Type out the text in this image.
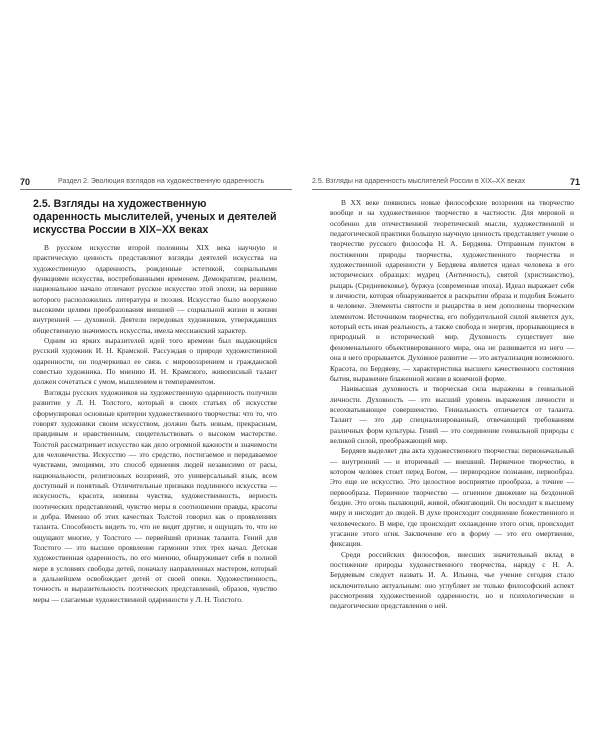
70	Раздел 2. Эволюция взглядов на художественную одаренность	2.5. Взгляды на одаренность мыслителей России в XIX–XX веках	71
2.5. Взгляды на художественную одаренность мыслителей, ученых и деятелей искусства России в XIX–XX веках

В русском искусстве второй половины XIX века научную и практическую ценность представляют взгляды деятелей искусства на художественную одаренность, рожденные эстетикой, социальными функциями искусства, востребованными временем. Демократизм, реализм, национальное начало отличают русское искусство этой эпохи, на вершине которого расположились литература и поэзия. Искусство было вооружено высокими целями преобразования внешней — социальной жизни и жизни внутренней — духовной. Деятели передовых художников, утверждавших общественную значимость искусства, имела мессианский характер.

Одним из ярких выразителей идей того времени был выдающийся русский художник И. Н. Крамской. Рассуждая о природе художественной одаренности, он подчеркивал ее связь с мировоззрением и гражданской совестью художника. По мнению И. Н. Крамского, живописный талант должен сочетаться с умом, мышлением и темпераментом.

Взгляды русских художников на художественную одаренность получили развитие у Л. Н. Толстого, который в своих статьях об искусстве сформулировал основные критерии художественного творчества: что то, что говорят художники своим искусством, должно быть новым, прекрасным, правдивым и нравственным, свидетельствовать о высоком мастерстве. Толстой рассматривает искусство как дело огромной важности и значимости для человечества. Искусство — это средство, постигаемое и передаваемое чувствами, эмоциями, это способ единения людей независимо от расы, национальности, религиозных воззрений, это универсальный язык, всем доступный и понятный. Отличительные признаки подлинного искусства — искусность, красота, новизна чувства, художественность, верность поэтических представлений, чувство меры в соотношении правды, красоты и добра. Именно об этих качествах Толстой говорил как о проявлениях таланта. Способность видеть то, что не видят другие, и ощущать то, что не ощущают многие, у Толстого — первейший признак таланта. Гений для Толстого — это высшее проявление гармонии этих трех начал. Детская художественная одаренность, по его мнению, обнаруживает себя в полной мере в условиях свободы детей, поначалу направленных мастером, который в дальнейшем освобождает детей от своей опеки. Художественность, точность и выразительность поэтических представлений, образов, чувство меры — слагаемые художественной одаренности у Л. Н. Толстого.

В XX веке появились новые философские воззрения на творчество вообще и на художественное творчество в частности. Для мировой и особенно для отечественной теоретической мысли, художественной и педагогической практики большую научную ценность представляет учение о творчестве русского философа Н. А. Бердяева. Отправным пунктом в постижении природы творчества, художественного творчества и художественной одаренности у Бердяева является идеал человека в его исторических образцах: мудрец (Античность), святой (христианство), рыцарь (Средневековье), буржуа (современная эпоха). Идеал выражает себя в личности, которая обнаруживается в раскрытии образа и подобия Божьего в человеке. Элементы святости и рыцарства в нем дополнены творческим элементом. Источником творчества, его побудительной силой является дух, который есть иная реальность, а также свобода и энергия, прорывающиеся в природный и исторический мир. Духовность существует вне феноменального объективированного мира, она не развивается из него — она в него прорывается. Духовное развитие — это актуализация возможного. Красота, по Бердяеву, — характеристика высшего качественного состояния бытия, выражение блаженной жизни в конечной форме.

Наивысшая духовность и творческая сила выражены в гениальной личности. Духовность — это высший уровень выражения личности и всеохватывающее совершенство. Гениальность отличается от таланта. Талант — это дар специализированный, отвечающий требованиям различных форм культуры. Гений — это соединение гениальной природы с великой силой, преображающей мир.

Бердяев выделяет два акта художественного творчества: первоначальный — внутренний — и вторичный — внешний. Первичное творчество, в котором человек стоит перед Богом, — первородное познание, первообраз. Это еще не искусство. Это целостное восприятие прообраза, а точнее — первообраза. Первичное творчество — огненное движение на бездонной бездне. Это огонь пылающий, живой, обжигающий. Он восходит к высшему миру и нисходит до людей. В духе происходит соединение божественного и человеческого. В мире, где происходит охлаждение этого огня, происходит угасание этого огня. Заключение его в форму — это его омертвение, фиксация.

Среди российских философов, внесших значительный вклад в постижение природы художественного творчества, наряду с Н. А. Бердяевым следует назвать И. А. Ильина, чье учение сегодня стало исключительно актуальным: оно углубляет не только философский аспект рассмотрения художественной одаренности, но и психологические и педагогические представления о ней.
